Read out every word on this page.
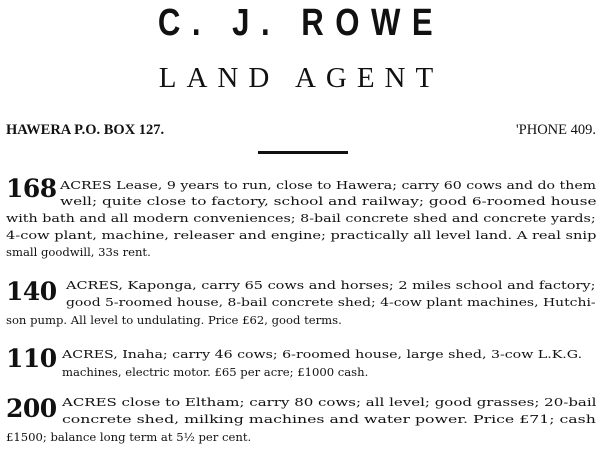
C. J. ROWE
LAND AGENT
HAWERA P.O. BOX 127.	'PHONE 409.
168 ACRES Lease, 9 years to run, close to Hawera; carry 60 cows and do them
well; quite close to factory, school and railway; good 6-roomed house
with bath and all modern conveniences; 8-bail concrete shed and concrete yards;
4-cow plant, machine, releaser and engine; practically all level land. A real snip
small goodwill, 33s rent.
140 ACRES, Kaponga, carry 65 cows and horses; 2 miles school and factory;
good 5-roomed house, 8-bail concrete shed; 4-cow plant machines, Hutchi-
son pump. All level to undulating. Price £62, good terms.
110 ACRES, Inaha; carry 46 cows; 6-roomed house, large shed, 3-cow L.K.G.
machines, electric motor. £65 per acre; £1000 cash.
200 ACRES close to Eltham; carry 80 cows; all level; good grasses; 20-bail
concrete shed, milking machines and water power. Price £71; cash
£1500; balance long term at 5½ per cent.
